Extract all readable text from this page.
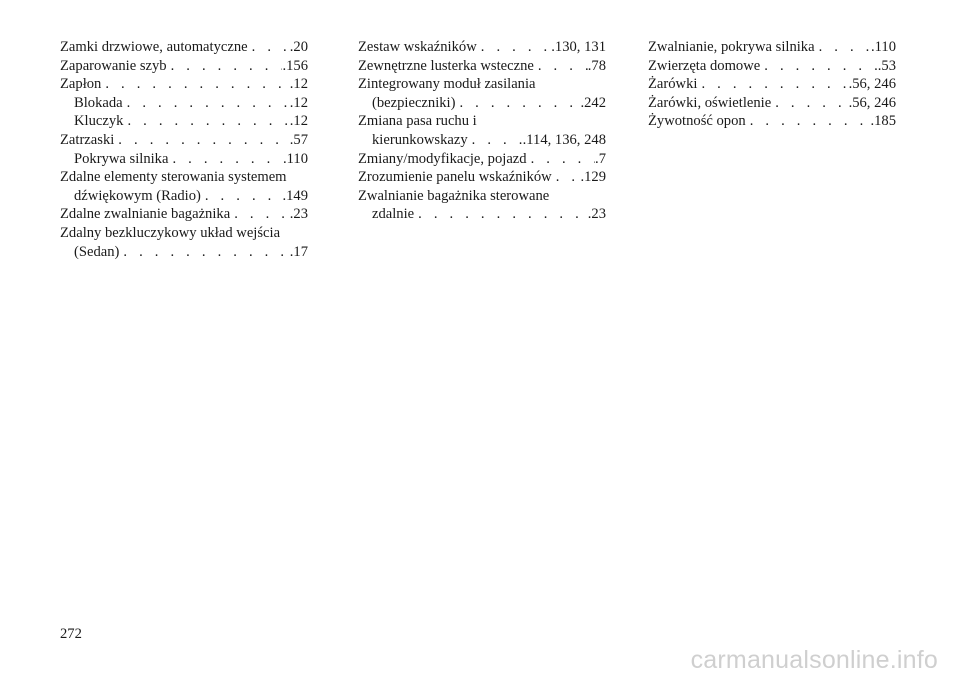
Zamki drzwiowe, automatyczne . . .	.20
Zaparowanie szyb . . .	.156
Zapłon . . .	.12
Blokada . . .	.12
Kluczyk . . .	.12
Zatrzaski . . .	.57
Pokrywa silnika . . .	.110
Zdalne elementy sterowania systemem
dźwiękowym (Radio) . . .	.149
Zdalne zwalnianie bagażnika . . .	.23
Zdalny bezkluczykowy układ wejścia
(Sedan) . . .	.17
Zestaw wskaźników . . .	.130, 131
Zewnętrzne lusterka wsteczne . . .	.78
Zintegrowany moduł zasilania
(bezpieczniki) . . .	.242
Zmiana pasa ruchu i
kierunkowskazy . . .	.114, 136, 248
Zmiany/modyfikacje, pojazd . . .	.7
Zrozumienie panelu wskaźników . . . .129
Zwalnianie bagażnika sterowane
zdalnie . . .	.23
Zwalnianie, pokrywa silnika . . .	.110
Zwierzęta domowe . . .	.53
Żarówki . . .	.56, 246
Żarówki, oświetlenie . . .	.56, 246
Żywotność opon . . .	.185
272
carmanualsonline.info
